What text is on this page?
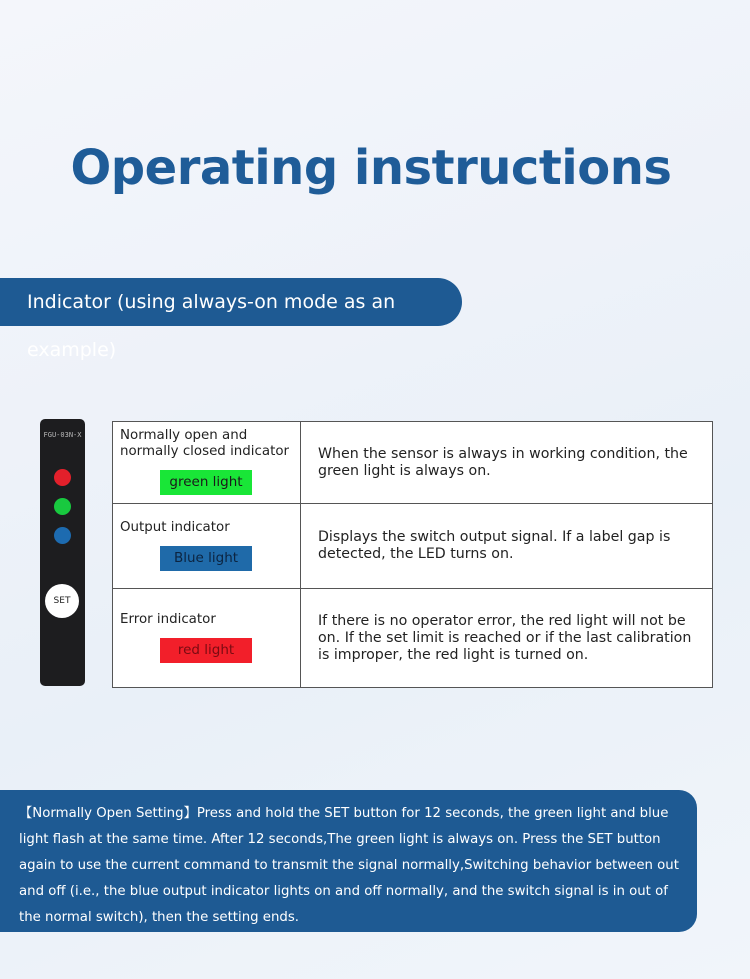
Operating instructions
Indicator (using always-on mode as an example)
FGU-03N-X
SET
Normally open and normally closed indicator
green light	When the sensor is always in working condition, the green light is always on.

Output indicator
Blue light	Displays the switch output signal. If a label gap is detected, the LED turns on.

Error indicator
red light	If there is no operator error, the red light will not be on. If the set limit is reached or if the last calibration is improper, the red light is turned on.
【Normally Open Setting】Press and hold the SET button for 12 seconds, the green light and blue light flash at the same time. After 12 seconds,The green light is always on. Press the SET button again to use the current command to transmit the signal normally,Switching behavior between out and off (i.e., the blue output indicator lights on and off normally, and the switch signal is in out of the normal switch), then the setting ends.
